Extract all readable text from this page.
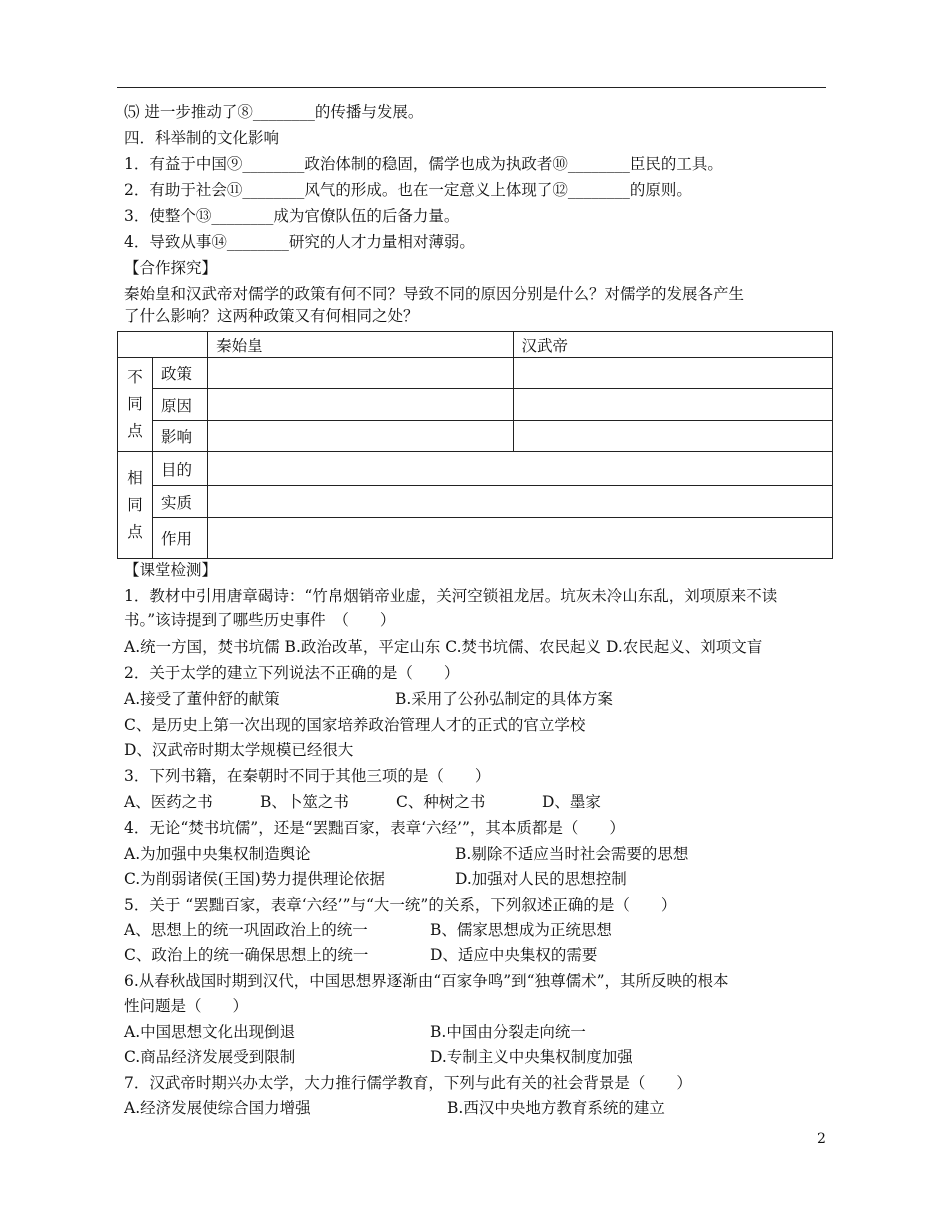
⑸ 进一步推动了⑧________的传播与发展。
四．科举制的文化影响
1．有益于中国⑨________政治体制的稳固，儒学也成为执政者⑩________臣民的工具。
2．有助于社会⑪________风气的形成。也在一定意义上体现了⑫________的原则。
3．使整个⑬________成为官僚队伍的后备力量。
4．导致从事⑭________研究的人才力量相对薄弱。
【合作探究】
秦始皇和汉武帝对儒学的政策有何不同？导致不同的原因分别是什么？对儒学的发展各产生
了什么影响？这两种政策又有何相同之处？
		秦始皇	汉武帝

不同点	政策		
	原因		
	影响		

相同点	目的		
	实质		
	作用		
【课堂检测】
1．教材中引用唐章碣诗：“竹帛烟销帝业虚，关河空锁祖龙居。坑灰未冷山东乱，刘项原来不读
书。”该诗提到了哪些历史事件　（　　）
A.统一方国，焚书坑儒 B.政治改革，平定山东 C.焚书坑儒、农民起义 D.农民起义、刘项文盲
2．关于太学的建立下列说法不正确的是（　　）
A.接受了董仲舒的献策	B.采用了公孙弘制定的具体方案
C、是历史上第一次出现的国家培养政治管理人才的正式的官立学校
D、汉武帝时期太学规模已经很大
3．下列书籍，在秦朝时不同于其他三项的是（　　）
A、医药之书	B、卜筮之书	C、种树之书	D、墨家
4．无论“焚书坑儒”，还是“罢黜百家，表章‘六经’”，其本质都是（　　）
A.为加强中央集权制造舆论	B.剔除不适应当时社会需要的思想
C.为削弱诸侯(王国)势力提供理论依据	D.加强对人民的思想控制
5．关于 “罢黜百家，表章‘六经’”与“大一统”的关系，下列叙述正确的是（　　）
A、思想上的统一巩固政治上的统一	B、儒家思想成为正统思想
C、政治上的统一确保思想上的统一	D、适应中央集权的需要
6.从春秋战国时期到汉代，中国思想界逐渐由“百家争鸣”到“独尊儒术”，其所反映的根本
性问题是（　　）
A.中国思想文化出现倒退	B.中国由分裂走向统一
C.商品经济发展受到限制	D.专制主义中央集权制度加强
7．汉武帝时期兴办太学，大力推行儒学教育，下列与此有关的社会背景是（　　）
A.经济发展使综合国力增强	B.西汉中央地方教育系统的建立
2
